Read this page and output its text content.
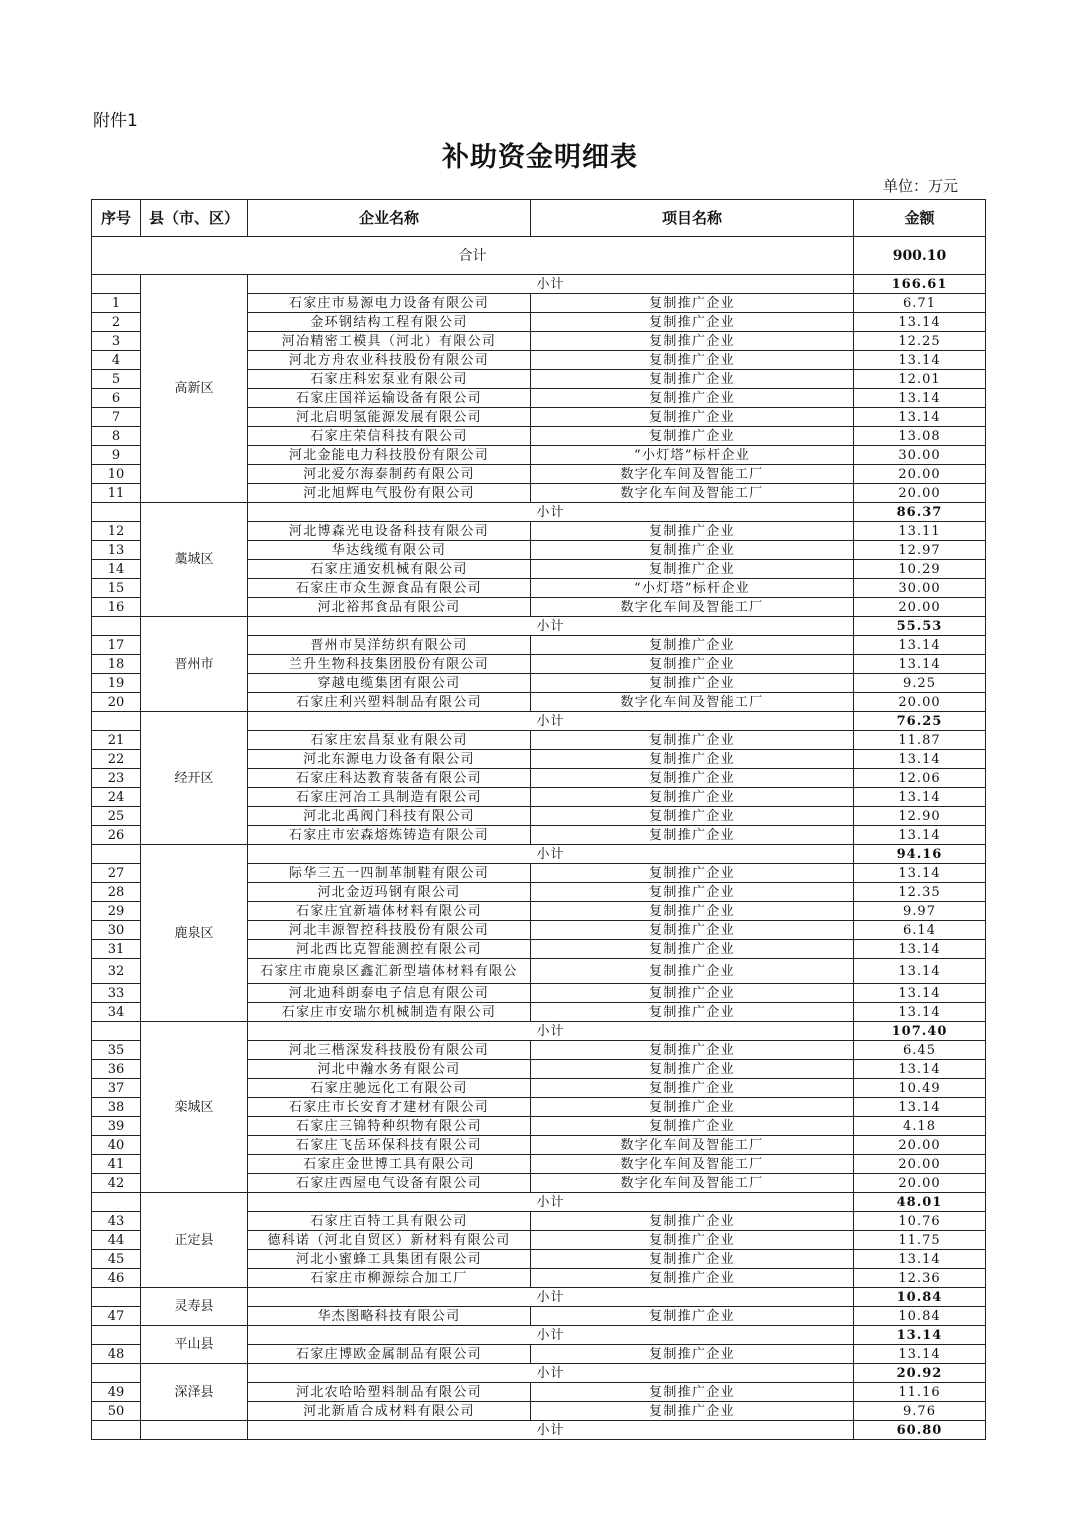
附件1
补助资金明细表
单位：万元
序号	县（市、区）	企业名称	项目名称	金额
合计				900.10
	高新区	小计		166.61
1		石家庄市易源电力设备有限公司	复制推广企业	6.71
2		金环钢结构工程有限公司	复制推广企业	13.14
3		河冶精密工模具（河北）有限公司	复制推广企业	12.25
4		河北方舟农业科技股份有限公司	复制推广企业	13.14
5		石家庄科宏泵业有限公司	复制推广企业	12.01
6		石家庄国祥运输设备有限公司	复制推广企业	13.14
7		河北启明氢能源发展有限公司	复制推广企业	13.14
8		石家庄荣信科技有限公司	复制推广企业	13.08
9		河北金能电力科技股份有限公司	“小灯塔”标杆企业	30.00
10		河北爱尔海泰制药有限公司	数字化车间及智能工厂	20.00
11		河北旭辉电气股份有限公司	数字化车间及智能工厂	20.00
	藁城区	小计		86.37
12		河北博森光电设备科技有限公司	复制推广企业	13.11
13		华达线缆有限公司	复制推广企业	12.97
14		石家庄通安机械有限公司	复制推广企业	10.29
15		石家庄市众生源食品有限公司	“小灯塔”标杆企业	30.00
16		河北裕邦食品有限公司	数字化车间及智能工厂	20.00
	晋州市	小计		55.53
17		晋州市昊洋纺织有限公司	复制推广企业	13.14
18		兰升生物科技集团股份有限公司	复制推广企业	13.14
19		穿越电缆集团有限公司	复制推广企业	9.25
20		石家庄利兴塑料制品有限公司	数字化车间及智能工厂	20.00
	经开区	小计		76.25
21		石家庄宏昌泵业有限公司	复制推广企业	11.87
22		河北东源电力设备有限公司	复制推广企业	13.14
23		石家庄科达教育装备有限公司	复制推广企业	12.06
24		石家庄河冶工具制造有限公司	复制推广企业	13.14
25		河北北禹阀门科技有限公司	复制推广企业	12.90
26		石家庄市宏森熔炼铸造有限公司	复制推广企业	13.14
	鹿泉区	小计		94.16
27		际华三五一四制革制鞋有限公司	复制推广企业	13.14
28		河北金迈玛钢有限公司	复制推广企业	12.35
29		石家庄宜新墙体材料有限公司	复制推广企业	9.97
30		河北丰源智控科技股份有限公司	复制推广企业	6.14
31		河北西比克智能测控有限公司	复制推广企业	13.14
32		石家庄市鹿泉区鑫汇新型墙体材料有限公	复制推广企业	13.14
33		河北迪科朗泰电子信息有限公司	复制推广企业	13.14
34		石家庄市安瑞尔机械制造有限公司	复制推广企业	13.14
	栾城区	小计		107.40
35		河北三楷深发科技股份有限公司	复制推广企业	6.45
36		河北中瀚水务有限公司	复制推广企业	13.14
37		石家庄驰远化工有限公司	复制推广企业	10.49
38		石家庄市长安育才建材有限公司	复制推广企业	13.14
39		石家庄三锦特种织物有限公司	复制推广企业	4.18
40		石家庄飞岳环保科技有限公司	数字化车间及智能工厂	20.00
41		石家庄金世博工具有限公司	数字化车间及智能工厂	20.00
42		石家庄西屋电气设备有限公司	数字化车间及智能工厂	20.00
	正定县	小计		48.01
43		石家庄百特工具有限公司	复制推广企业	10.76
44		德科诺（河北自贸区）新材料有限公司	复制推广企业	11.75
45		河北小蜜蜂工具集团有限公司	复制推广企业	13.14
46		石家庄市柳源综合加工厂	复制推广企业	12.36
	灵寿县	小计		10.84
47		华杰图略科技有限公司	复制推广企业	10.84
	平山县	小计		13.14
48		石家庄博欧金属制品有限公司	复制推广企业	13.14
	深泽县	小计		20.92
49		河北农哈哈塑料制品有限公司	复制推广企业	11.16
50		河北新盾合成材料有限公司	复制推广企业	9.76
		小计		60.80
